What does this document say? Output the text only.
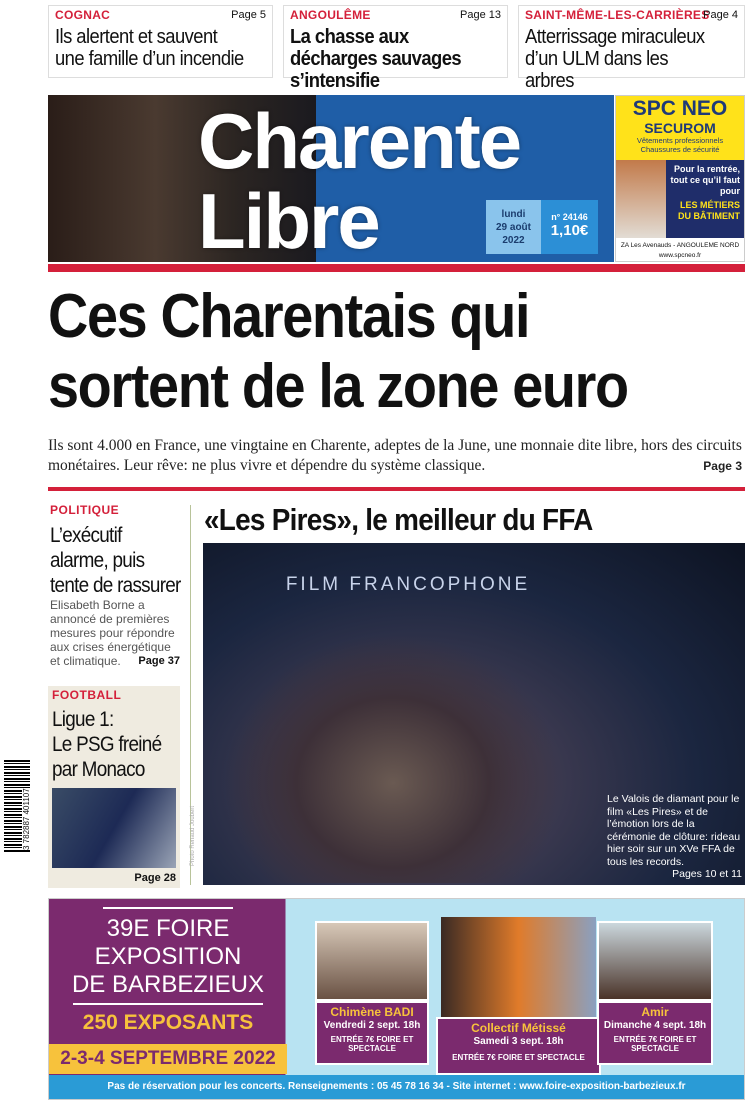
COGNAC	Page 5
Ils alertent et sauvent une famille d’un incendie
ANGOULÊME	Page 13
La chasse aux décharges sauvages s’intensifie
SAINT-MÊME-LES-CARRIÈRES
Page 4
Atterrissage miraculeux d’un ULM dans les arbres
Charente
Libre	lundi
29 août
2022
n° 24146
1,10€
SPC NEO
SECUROM
Vêtements professionnels
Chaussures de sécurité
Pour la rentrée, tout ce qu’il faut pour
LES MÉTIERS DU BÂTIMENT
ZA Les Avenauds - ANGOULEME NORD
www.spcneo.fr
Ces Charentais qui
sortent de la zone euro
Ils sont 4.000 en France, une vingtaine en Charente, adeptes de la June, une monnaie dite libre, hors des circuits monétaires. Leur rêve: ne plus vivre et dépendre du système classique.	Page 3
POLITIQUE
L’exécutif
alarme, puis
tente de rassurer
Elisabeth Borne a annoncé de premières mesures pour répondre aux crises énergétique et climatique. Page 37
FOOTBALL
Ligue 1:
Le PSG freiné
par Monaco
Page 28
3 782887 401107
«Les Pires», le meilleur du FFA
FILM FRANCOPHONE
Le Valois de diamant pour le film «Les Pires» et de l’émotion lors de la cérémonie de clôture: rideau hier soir sur un XVe FFA de tous les records.
Pages 10 et 11
Photo Renaud Joubert
39E FOIRE
EXPOSITION
DE BARBEZIEUX
250 EXPOSANTS
2-3-4 SEPTEMBRE 2022
Chimène BADI
Vendredi 2 sept. 18h
ENTRÉE 7€ FOIRE ET SPECTACLE
Collectif Métissé
Samedi 3 sept. 18h
ENTRÉE 7€ FOIRE ET SPECTACLE
Amir
Dimanche 4 sept. 18h
ENTRÉE 7€ FOIRE ET SPECTACLE
Pas de réservation pour les concerts. Renseignements : 05 45 78 16 34 - Site internet : www.foire-exposition-barbezieux.fr
